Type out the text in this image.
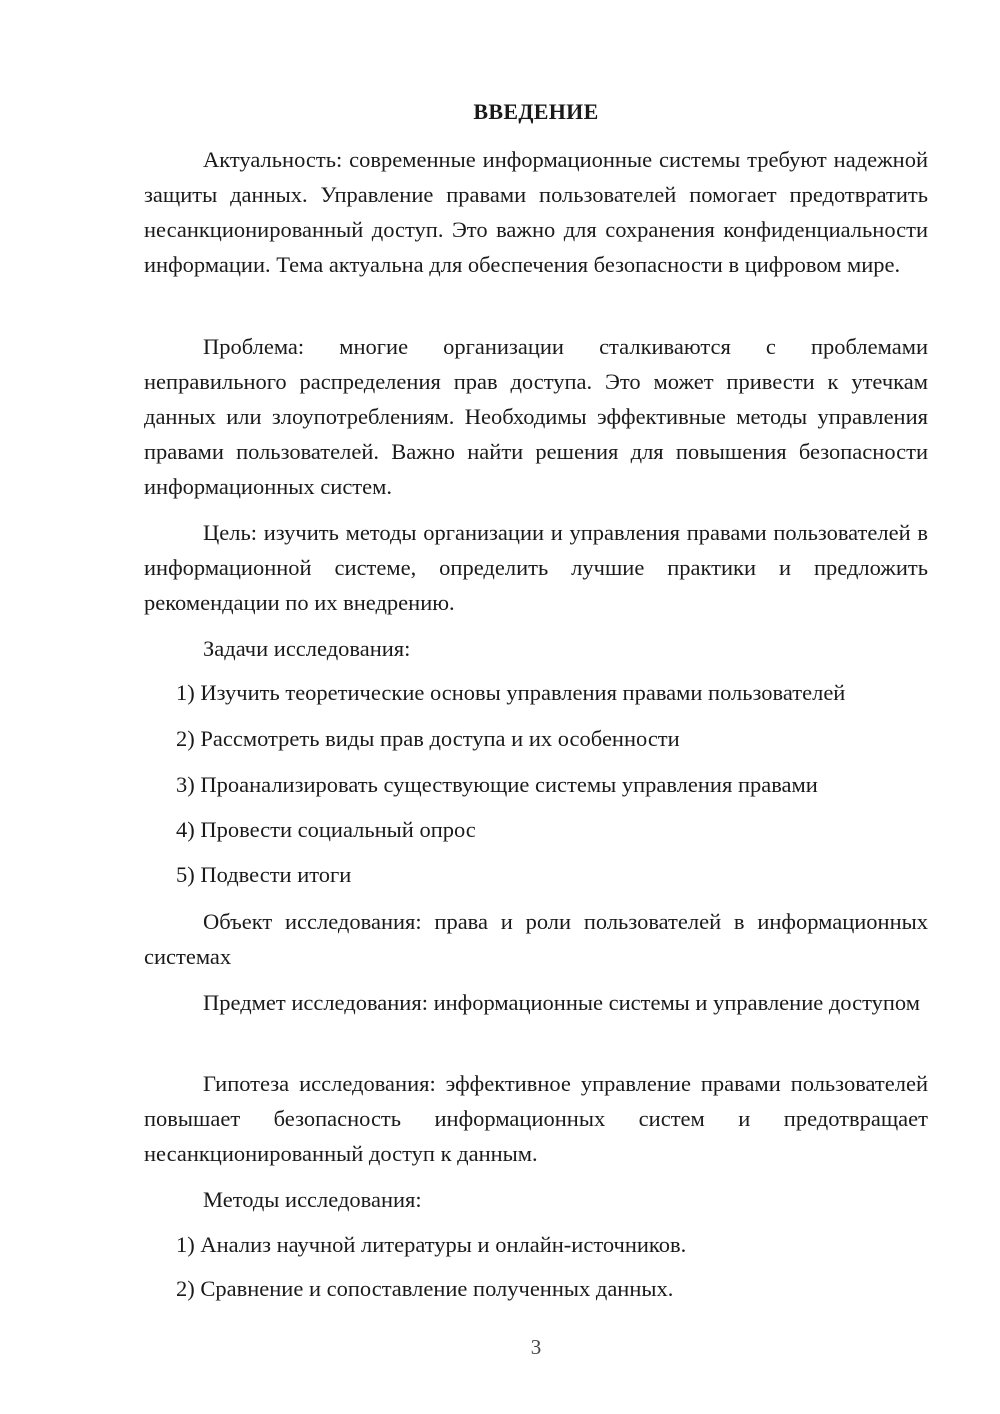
ВВЕДЕНИЕ

Актуальность: современные информационные системы требуют надежной защиты данных. Управление правами пользователей помогает предотвратить несанкционированный доступ. Это важно для сохранения конфиденциальности информации. Тема актуальна для обеспечения безопасности в цифровом мире.

Проблема: многие организации сталкиваются с проблемами неправильного распределения прав доступа. Это может привести к утечкам данных или злоупотреблениям. Необходимы эффективные методы управления правами пользователей. Важно найти решения для повышения безопасности информационных систем.

Цель: изучить методы организации и управления правами пользователей в информационной системе, определить лучшие практики и предложить рекомендации по их внедрению.

Задачи исследования:

1) Изучить теоретические основы управления правами пользователей
2) Рассмотреть виды прав доступа и их особенности
3) Проанализировать существующие системы управления правами
4) Провести социальный опрос
5) Подвести итоги

Объект исследования: права и роли пользователей в информационных системах

Предмет исследования: информационные системы и управление доступом

Гипотеза исследования: эффективное управление правами пользователей повышает безопасность информационных систем и предотвращает несанкционированный доступ к данным.

Методы исследования:

1) Анализ научной литературы и онлайн-источников.
2) Сравнение и сопоставление полученных данных.
3
